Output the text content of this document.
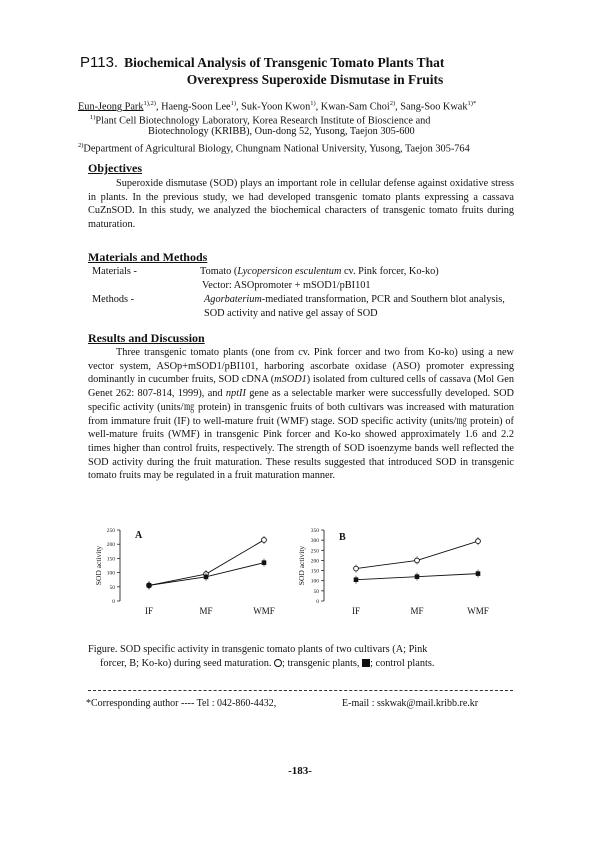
P113. Biochemical Analysis of Transgenic Tomato Plants That
Overexpress Superoxide Dismutase in Fruits
Eun-Jeong Park$^{1),2)}$, Haeng-Soon Lee$^{1)}$, Suk-Yoon Kwon$^{1)}$, Kwan-Sam Choi$^{2)}$, Sang-Soo Kwak$^{1)*}$
$^{1)}$Plant Cell Biotechnology Laboratory, Korea Research Institute of Bioscience and
Biotechnology (KRIBB), Oun-dong 52, Yusong, Taejon 305-600
$^{2)}$Department of Agricultural Biology, Chungnam National University, Yusong, Taejon 305-764
Objectives
Superoxide dismutase (SOD) plays an important role in cellular defense against oxidative stress in plants. In the previous study, we had developed transgenic tomato plants expressing a cassava CuZnSOD. In this study, we analyzed the biochemical characters of transgenic tomato fruits during maturation.
Materials and Methods
Materials -	Tomato (Lycopersicon esculentum cv. Pink forcer, Ko-ko)
Vector: ASOpromoter + mSOD1/pBI101
Methods -	Agorbaterium-mediated transformation, PCR and Southern blot analysis,
SOD activity and native gel assay of SOD
Results and Discussion
Three transgenic tomato plants (one from cv. Pink forcer and two from Ko-ko) using a new vector system, ASOp+mSOD1/pBI101, harboring ascorbate oxidase (ASO) promoter expressing dominantly in cucumber fruits, SOD cDNA (mSOD1) isolated from cultured cells of cassava (Mol Gen Genet 262: 807-814, 1999), and nptII gene as a selectable marker were successfully developed. SOD specific activity (units/㎎ protein) in transgenic fruits of both cultivars was increased with maturation from immature fruit (IF) to well-mature fruit (WMF) stage. SOD specific activity (units/㎎ protein) of well-mature fruits (WMF) in transgenic Pink forcer and Ko-ko showed approximately 1.6 and 2.2 times higher than control fruits, respectively. The strength of SOD isoenzyme bands well reflected the SOD activity during the fruit maturation. These results suggested that introduced SOD in transgenic tomato fruits may be regulated in a fruit maturation manner.
0
50
100
150
200
250
SOD activity
A
IF	MF	WMF
0
50
100
150
200
250
300
350
SOD activity
B
IF	MF	WMF
Figure. SOD specific activity in transgenic tomato plants of two cultivars (A; Pink
forcer, B; Ko-ko) during seed maturation. ; transgenic plants, ; control plants.
*Corresponding author ---- Tel : 042-860-4432,	E-mail : sskwak@mail.kribb.re.kr
-183-
